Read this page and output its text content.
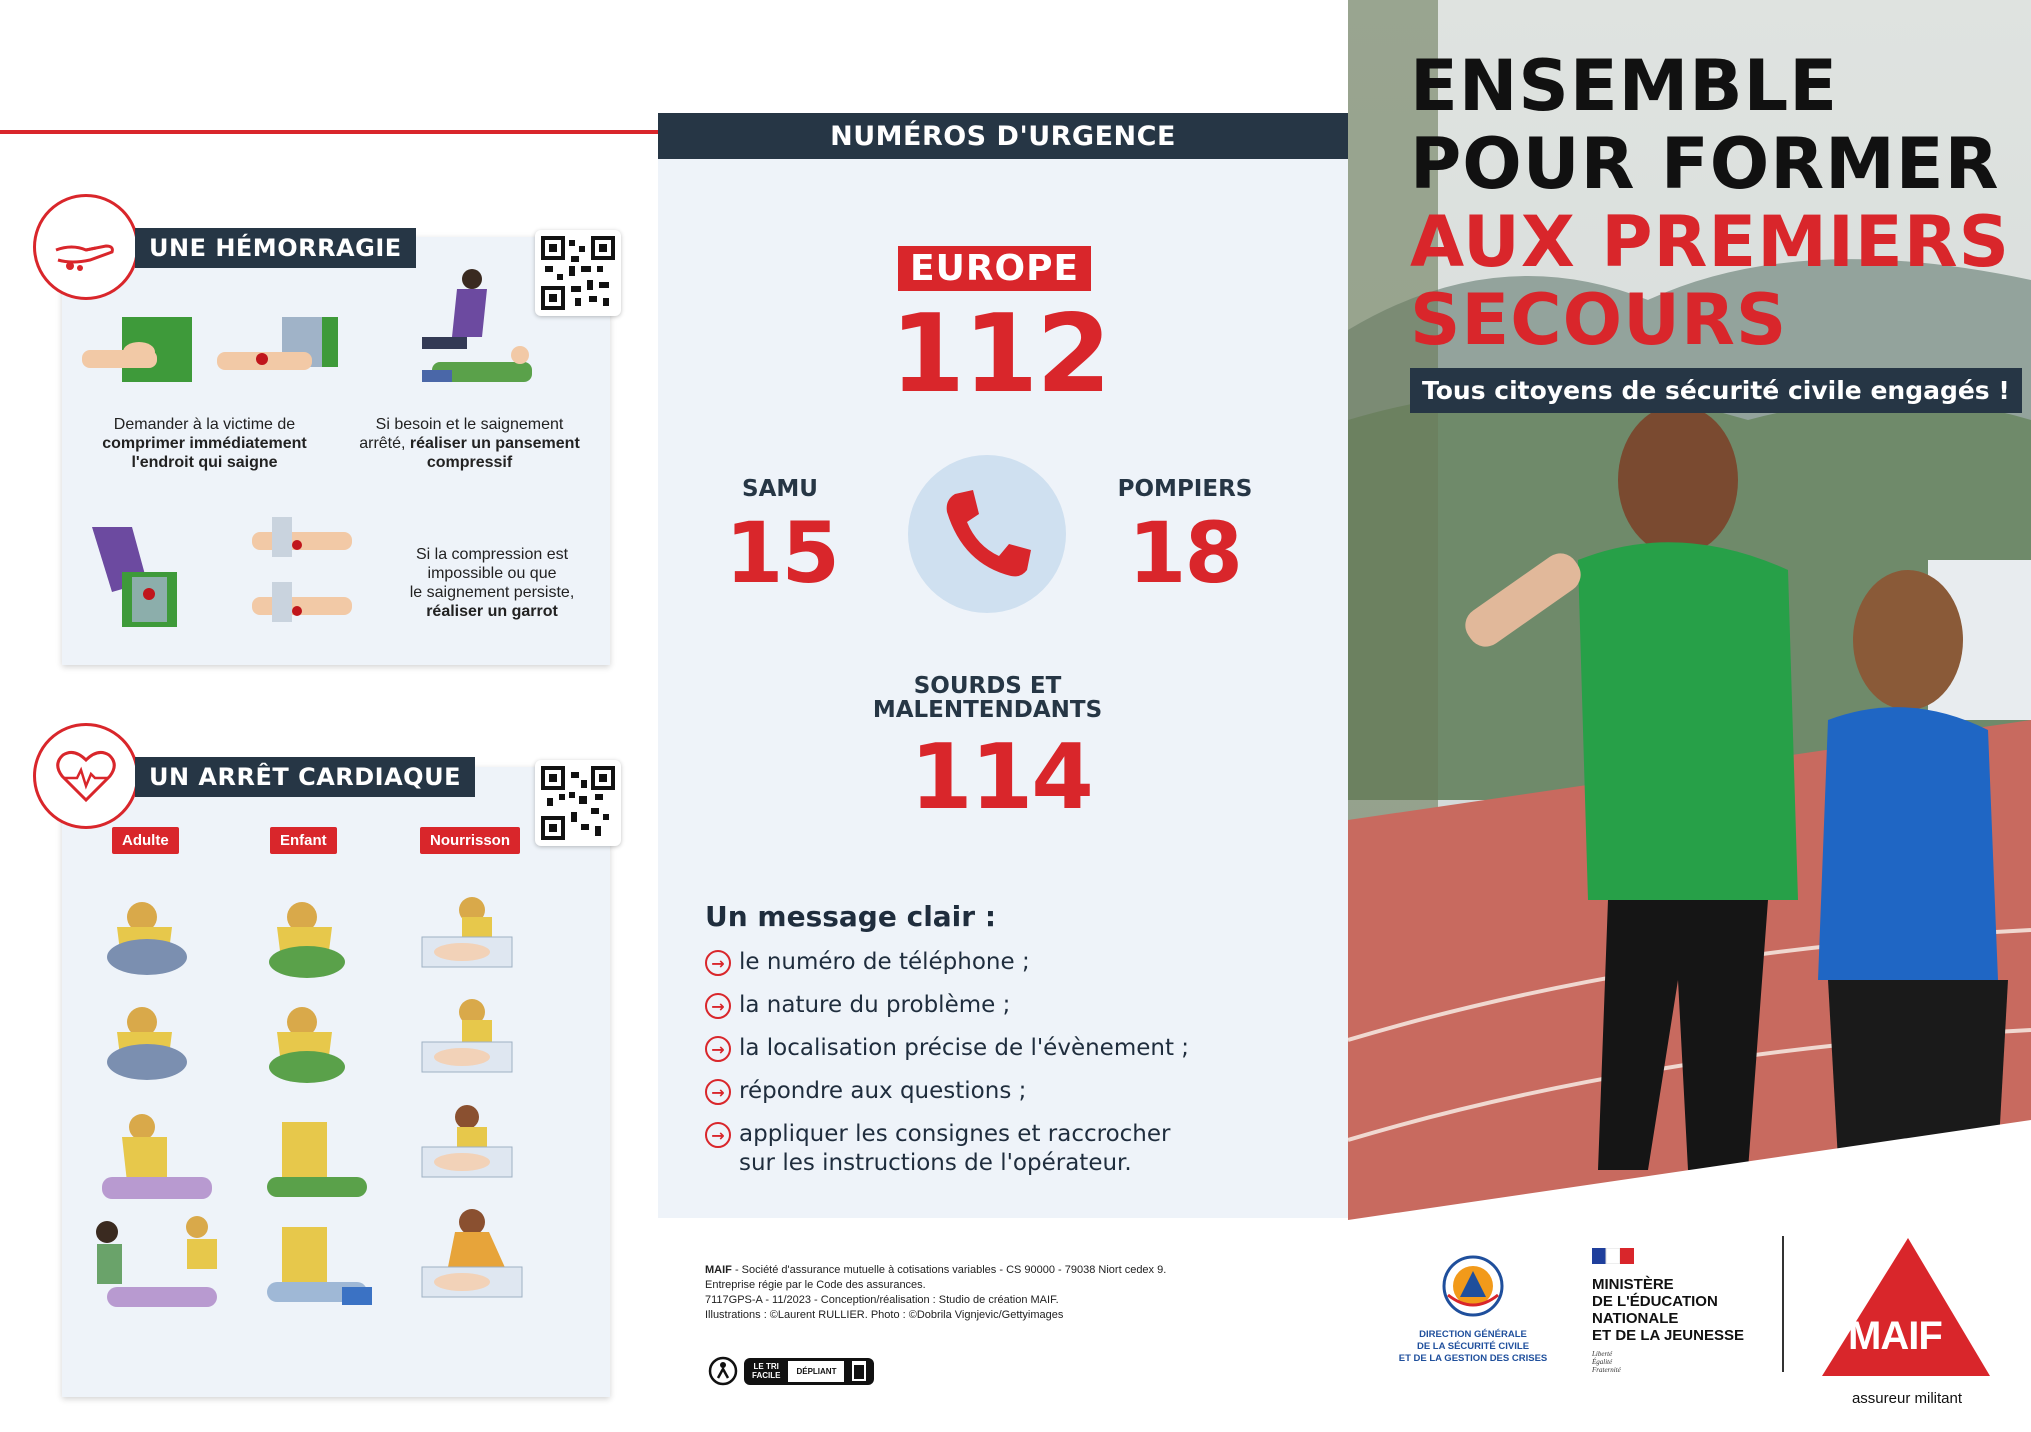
Demander à la victime de
comprimer immédiatement
l'endroit qui saigne
Si besoin et le saignement
arrêté, réaliser un pansement
compressif
Si la compression est
impossible ou que
le saignement persiste,
réaliser un garrot
UNE HÉMORRAGIE
Adulte	Enfant	Nourrisson
UN ARRÊT CARDIAQUE
NUMÉROS D'URGENCE
EUROPE
112
SAMU
15
POMPIERS
18
SOURDS ET
MALENTENDANTS
114
Un message clair :
→ le numéro de téléphone ;
→ la nature du problème ;
→ la localisation précise de l'évènement ;
→ répondre aux questions ;
→ appliquer les consignes et raccrocher
sur les instructions de l'opérateur.
MAIF - Société d'assurance mutuelle à cotisations variables - CS 90000 - 79038 Niort cedex 9.
Entreprise régie par le Code des assurances.
7117GPS-A - 11/2023 - Conception/réalisation : Studio de création MAIF.
Illustrations : ©Laurent RULLIER. Photo : ©Dobrila Vignjevic/Gettyimages
LE TRI
FACILE	DÉPLIANT
ENSEMBLE
POUR FORMER
AUX PREMIERS
SECOURS
Tous citoyens de sécurité civile engagés !
DIRECTION GÉNÉRALE
DE LA SÉCURITÉ CIVILE
ET DE LA GESTION DES CRISES
MINISTÈRE
DE L'ÉDUCATION
NATIONALE
ET DE LA JEUNESSE
Liberté
Égalité
Fraternité
MAIF
assureur militant
